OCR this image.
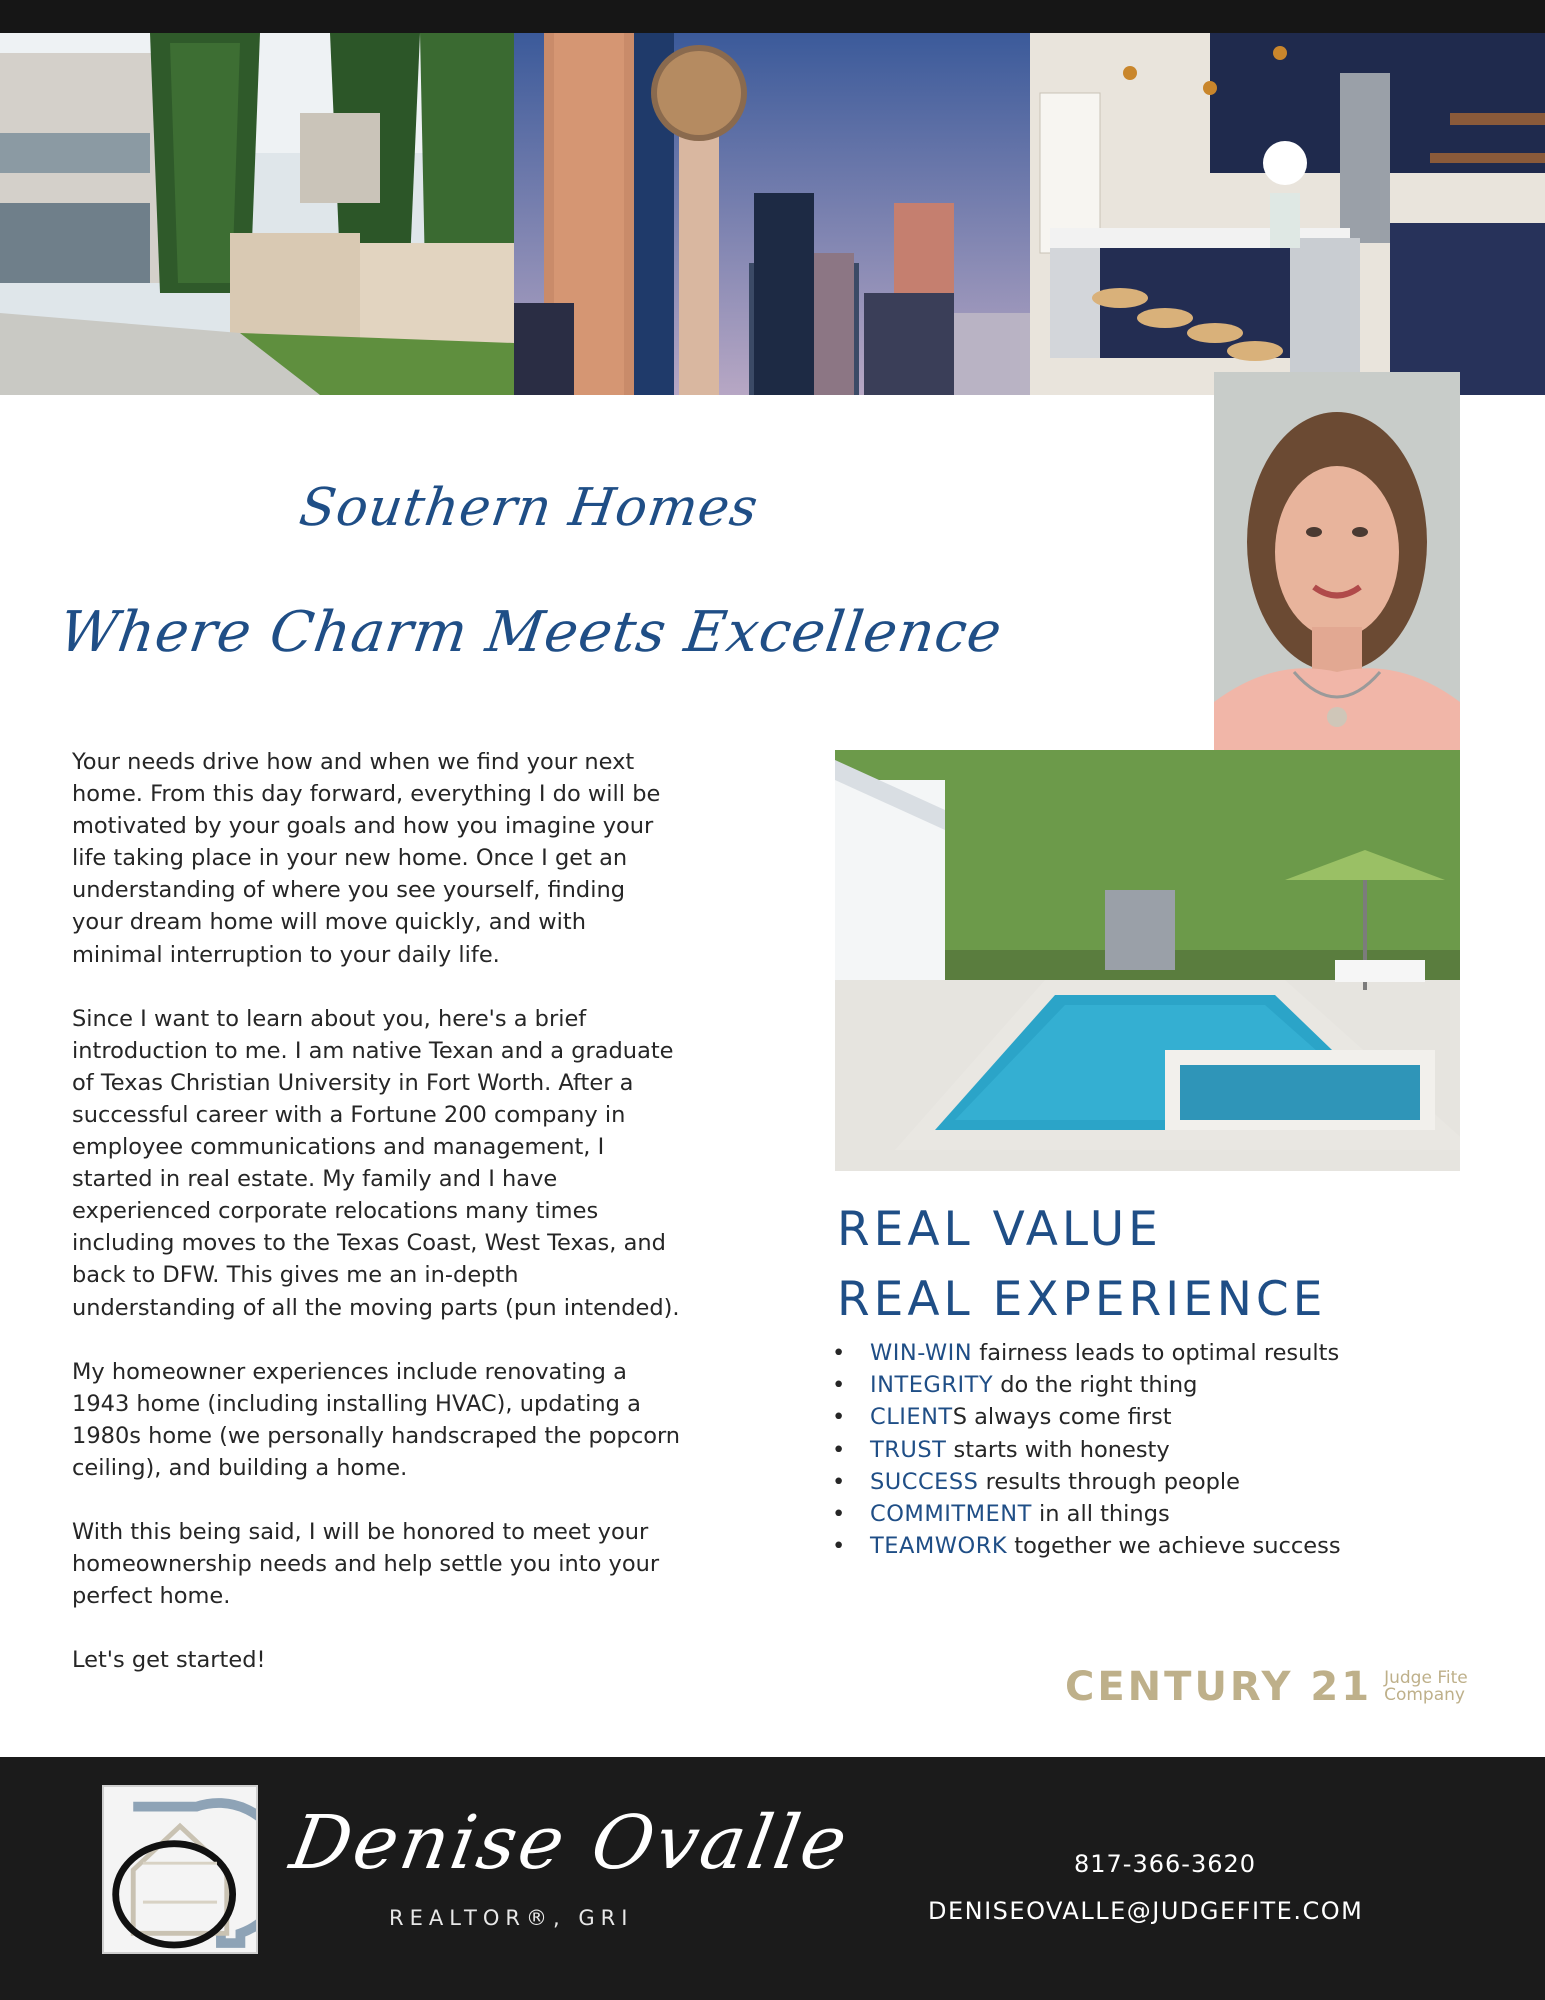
Southern Homes
Where Charm Meets Excellence

Your needs drive how and when we find your next
home. From this day forward, everything I do will be
motivated by your goals and how you imagine your
life taking place in your new home. Once I get an
understanding of where you see yourself, finding
your dream home will move quickly, and with
minimal interruption to your daily life.

Since I want to learn about you, here's a brief
introduction to me. I am native Texan and a graduate
of Texas Christian University in Fort Worth. After a
successful career with a Fortune 200 company in
employee communications and management, I
started in real estate. My family and I have
experienced corporate relocations many times
including moves to the Texas Coast, West Texas, and
back to DFW. This gives me an in-depth
understanding of all the moving parts (pun intended).

My homeowner experiences include renovating a
1943 home (including installing HVAC), updating a
1980s home (we personally handscraped the popcorn
ceiling), and building a home.

With this being said, I will be honored to meet your
homeownership needs and help settle you into your
perfect home.

Let's get started!

REAL VALUE
REAL EXPERIENCE
• WIN-WIN fairness leads to optimal results
• INTEGRITY do the right thing
• CLIENTS always come first
• TRUST starts with honesty
• SUCCESS results through people
• COMMITMENT in all things
• TEAMWORK together we achieve success
CENTURY 21 Judge Fite
Company
Denise Ovalle
REALTOR®, GRI
817-366-3620
DENISEOVALLE@JUDGEFITE.COM
